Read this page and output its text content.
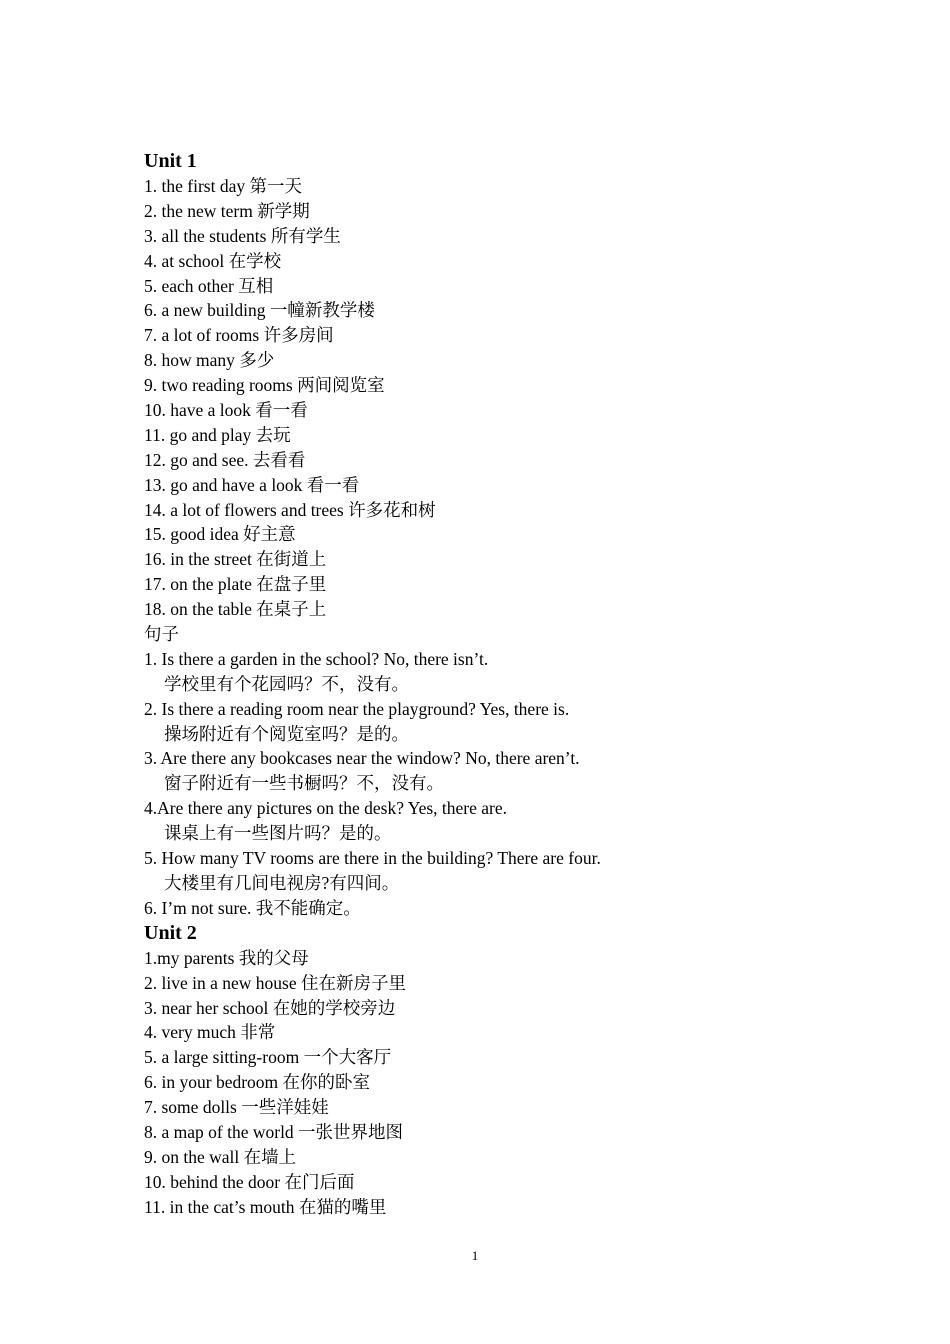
Unit 1
1. the first day 第一天
2. the new term 新学期
3. all the students 所有学生
4. at school 在学校
5. each other 互相
6. a new building 一幢新教学楼
7. a lot of rooms 许多房间
8. how many 多少
9. two reading rooms 两间阅览室
10. have a look 看一看
11. go and play 去玩
12. go and see. 去看看
13. go and have a look 看一看
14. a lot of flowers and trees 许多花和树
15. good idea 好主意
16. in the street 在街道上
17. on the plate 在盘子里
18. on the table 在桌子上
句子
1. Is there a garden in the school? No, there isn’t.
学校里有个花园吗？不，没有。
2. Is there a reading room near the playground? Yes, there is.
操场附近有个阅览室吗？是的。
3. Are there any bookcases near the window? No, there aren’t.
窗子附近有一些书橱吗？不，没有。
4.Are there any pictures on the desk? Yes, there are.
课桌上有一些图片吗？是的。
5. How many TV rooms are there in the building? There are four.
大楼里有几间电视房?有四间。
6. I’m not sure. 我不能确定。
Unit 2
1.my parents 我的父母
2. live in a new house 住在新房子里
3. near her school 在她的学校旁边
4. very much 非常
5. a large sitting-room 一个大客厅
6. in your bedroom 在你的卧室
7. some dolls 一些洋娃娃
8. a map of the world 一张世界地图
9. on the wall 在墙上
10. behind the door 在门后面
11. in the cat’s mouth 在猫的嘴里
1
